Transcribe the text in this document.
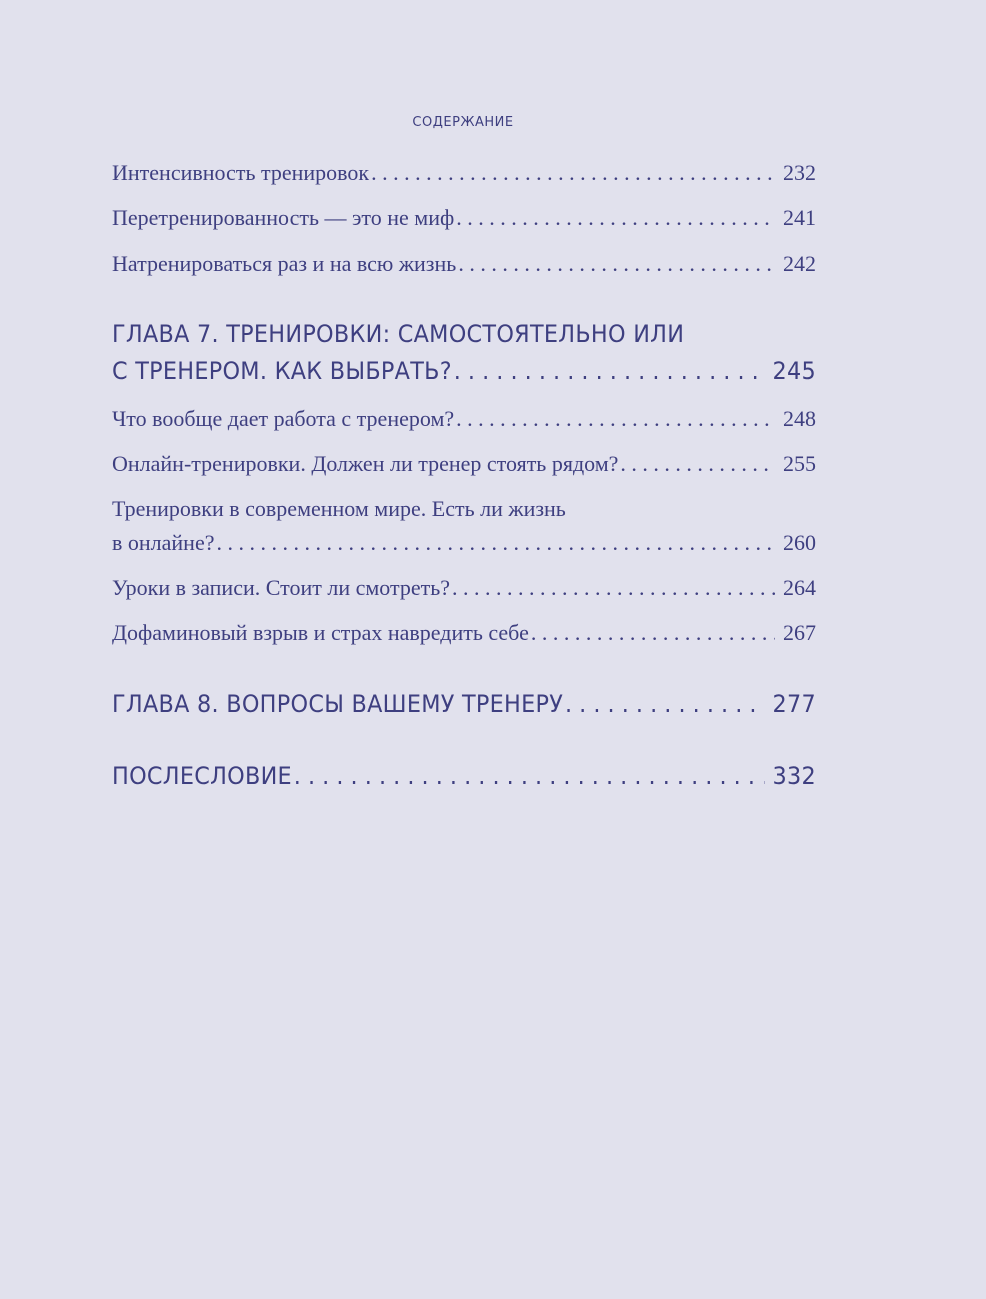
СОДЕРЖАНИЕ
Интенсивность тренировок . . .	232
Перетренированность — это не миф . . .	241
Натренироваться раз и на всю жизнь . . .	242
ГЛАВА 7. ТРЕНИРОВКИ: САМОСТОЯТЕЛЬНО ИЛИ
С ТРЕНЕРОМ. КАК ВЫБРАТЬ? . . .	245
Что вообще дает работа с тренером? . . .	248
Онлайн-тренировки. Должен ли тренер стоять рядом? . . .	255
Тренировки в современном мире. Есть ли жизнь
в онлайне? . . .	260
Уроки в записи. Стоит ли смотреть? . . .	264
Дофаминовый взрыв и страх навредить себе . . .	267
ГЛАВА 8. ВОПРОСЫ ВАШЕМУ ТРЕНЕРУ . . .	277
ПОСЛЕСЛОВИЕ . . .	332
